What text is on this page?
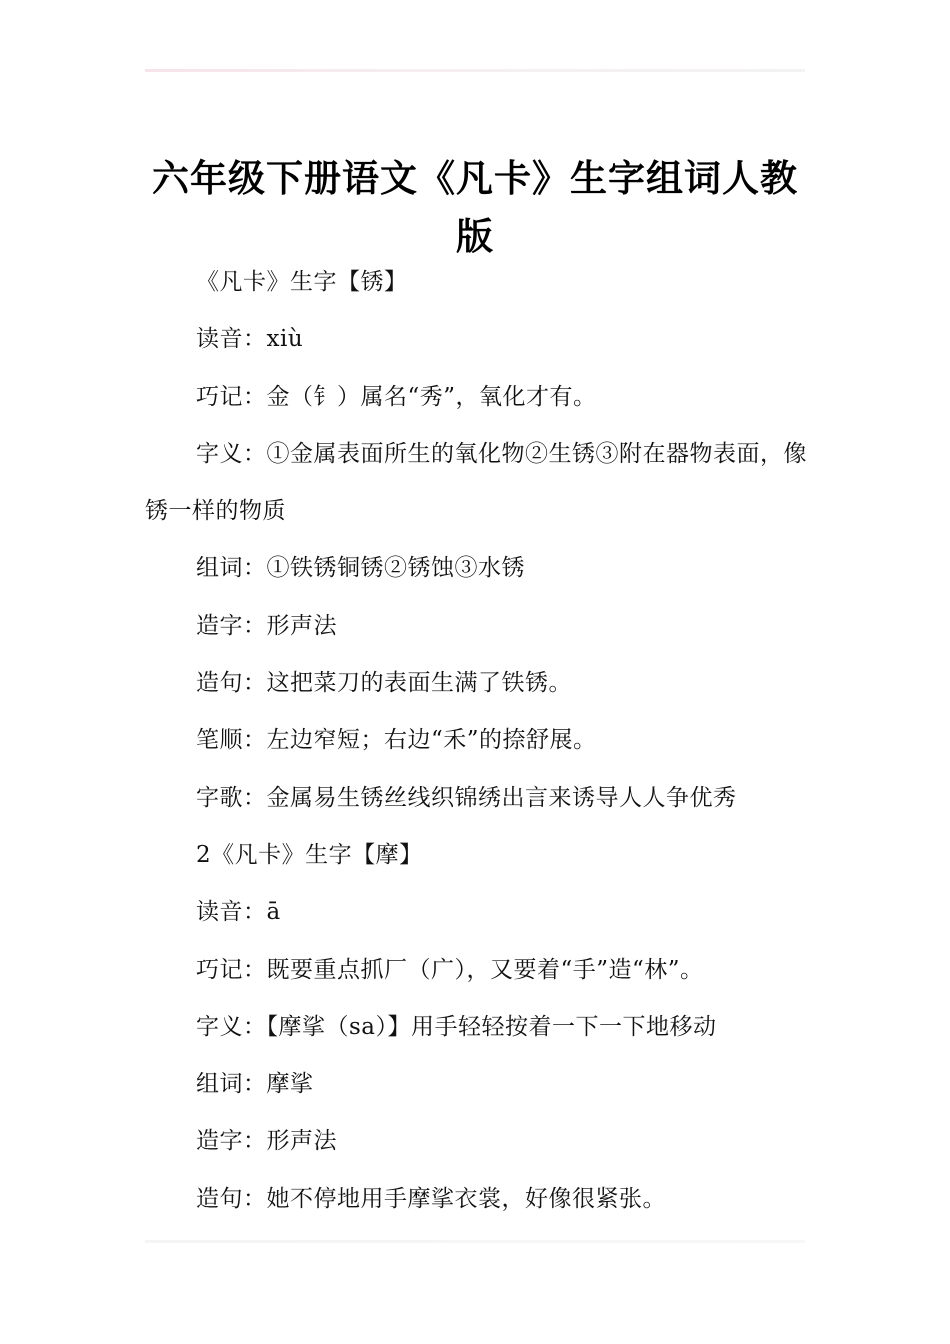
六年级下册语文《凡卡》生字组词人教版

《凡卡》生字【锈】

读音：xiù

巧记：金（钅）属名“秀”，氧化才有。

字义：①金属表面所生的氧化物②生锈③附在器物表面，像锈一样的物质

组词：①铁锈铜锈②锈蚀③水锈

造字：形声法

造句：这把菜刀的表面生满了铁锈。

笔顺：左边窄短；右边“禾”的捺舒展。

字歌：金属易生锈丝线织锦绣出言来诱导人人争优秀

2《凡卡》生字【摩】

读音：ā

巧记：既要重点抓厂（广），又要着“手”造“林”。

字义：【摩挲（sa）】用手轻轻按着一下一下地移动

组词：摩挲

造字：形声法

造句：她不停地用手摩挲衣裳，好像很紧张。
